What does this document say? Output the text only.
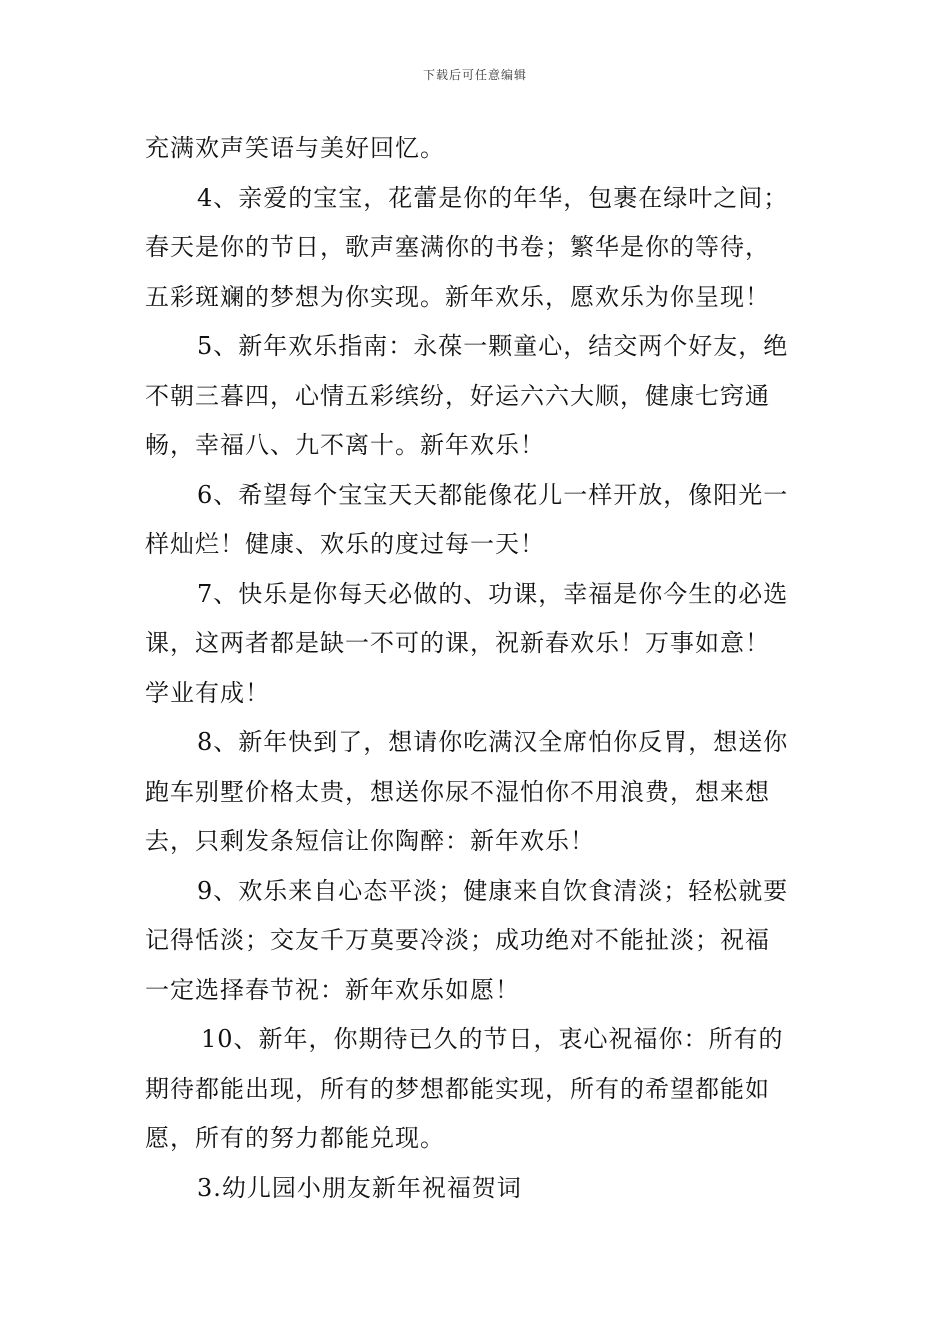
下载后可任意编辑
充满欢声笑语与美好回忆。
4、亲爱的宝宝，花蕾是你的年华，包裹在绿叶之间；
春天是你的节日，歌声塞满你的书卷；繁华是你的等待，
五彩斑斓的梦想为你实现。新年欢乐，愿欢乐为你呈现！
5、新年欢乐指南：永葆一颗童心，结交两个好友，绝
不朝三暮四，心情五彩缤纷，好运六六大顺，健康七窍通
畅，幸福八、九不离十。新年欢乐！
6、希望每个宝宝天天都能像花儿一样开放，像阳光一
样灿烂！健康、欢乐的度过每一天！
7、快乐是你每天必做的、功课，幸福是你今生的必选
课，这两者都是缺一不可的课，祝新春欢乐！万事如意！
学业有成！
8、新年快到了，想请你吃满汉全席怕你反胃，想送你
跑车别墅价格太贵，想送你尿不湿怕你不用浪费，想来想
去，只剩发条短信让你陶醉：新年欢乐！
9、欢乐来自心态平淡；健康来自饮食清淡；轻松就要
记得恬淡；交友千万莫要冷淡；成功绝对不能扯淡；祝福
一定选择春节祝：新年欢乐如愿！
10、新年，你期待已久的节日，衷心祝福你：所有的
期待都能出现，所有的梦想都能实现，所有的希望都能如
愿，所有的努力都能兑现。
3.幼儿园小朋友新年祝福贺词
